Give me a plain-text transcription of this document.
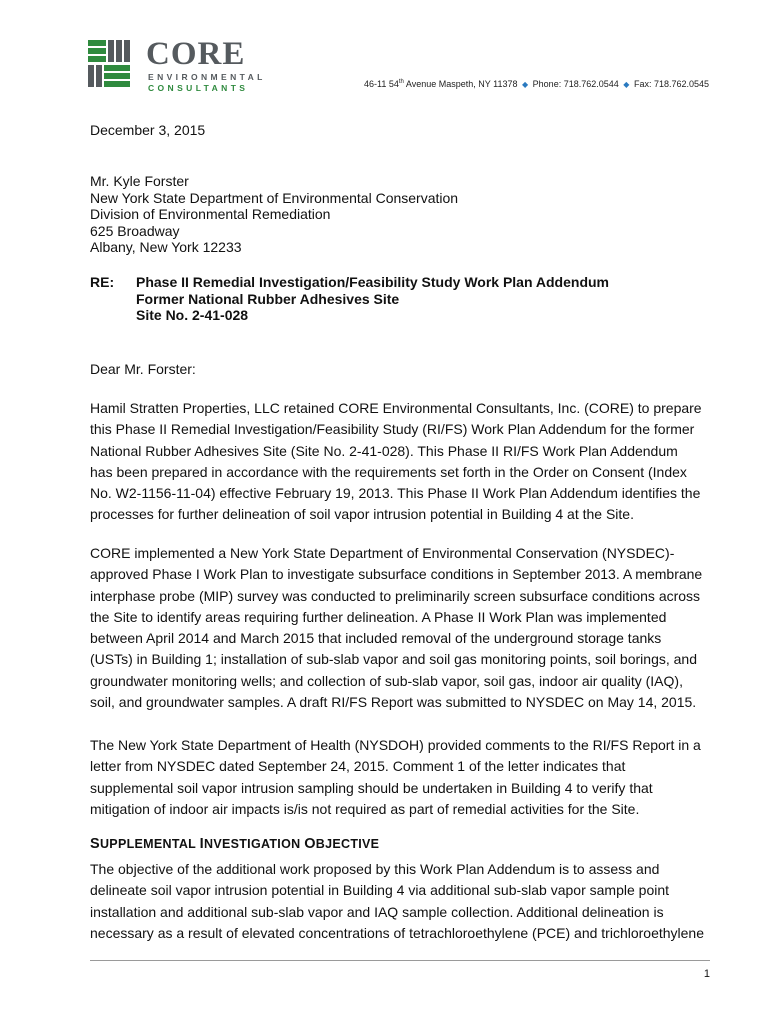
CORE
ENVIRONMENTAL
CONSULTANTS	46-11 54th Avenue Maspeth, NY 11378 ◆ Phone: 718.762.0544 ◆ Fax: 718.762.0545
December 3, 2015
Mr. Kyle Forster
New York State Department of Environmental Conservation
Division of Environmental Remediation
625 Broadway
Albany, New York 12233
RE: Phase II Remedial Investigation/Feasibility Study Work Plan Addendum
Former National Rubber Adhesives Site
Site No. 2-41-028
Dear Mr. Forster:

Hamil Stratten Properties, LLC retained CORE Environmental Consultants, Inc. (CORE) to prepare
this Phase II Remedial Investigation/Feasibility Study (RI/FS) Work Plan Addendum for the former
National Rubber Adhesives Site (Site No. 2-41-028). This Phase II RI/FS Work Plan Addendum
has been prepared in accordance with the requirements set forth in the Order on Consent (Index
No. W2-1156-11-04) effective February 19, 2013. This Phase II Work Plan Addendum identifies the
processes for further delineation of soil vapor intrusion potential in Building 4 at the Site.

CORE implemented a New York State Department of Environmental Conservation (NYSDEC)-
approved Phase I Work Plan to investigate subsurface conditions in September 2013. A membrane
interphase probe (MIP) survey was conducted to preliminarily screen subsurface conditions across
the Site to identify areas requiring further delineation. A Phase II Work Plan was implemented
between April 2014 and March 2015 that included removal of the underground storage tanks
(USTs) in Building 1; installation of sub-slab vapor and soil gas monitoring points, soil borings, and
groundwater monitoring wells; and collection of sub-slab vapor, soil gas, indoor air quality (IAQ),
soil, and groundwater samples. A draft RI/FS Report was submitted to NYSDEC on May 14, 2015.

The New York State Department of Health (NYSDOH) provided comments to the RI/FS Report in a
letter from NYSDEC dated September 24, 2015. Comment 1 of the letter indicates that
supplemental soil vapor intrusion sampling should be undertaken in Building 4 to verify that
mitigation of indoor air impacts is/is not required as part of remedial activities for the Site.

SUPPLEMENTAL INVESTIGATION OBJECTIVE

The objective of the additional work proposed by this Work Plan Addendum is to assess and
delineate soil vapor intrusion potential in Building 4 via additional sub-slab vapor sample point
installation and additional sub-slab vapor and IAQ sample collection. Additional delineation is
necessary as a result of elevated concentrations of tetrachloroethylene (PCE) and trichloroethylene

1
